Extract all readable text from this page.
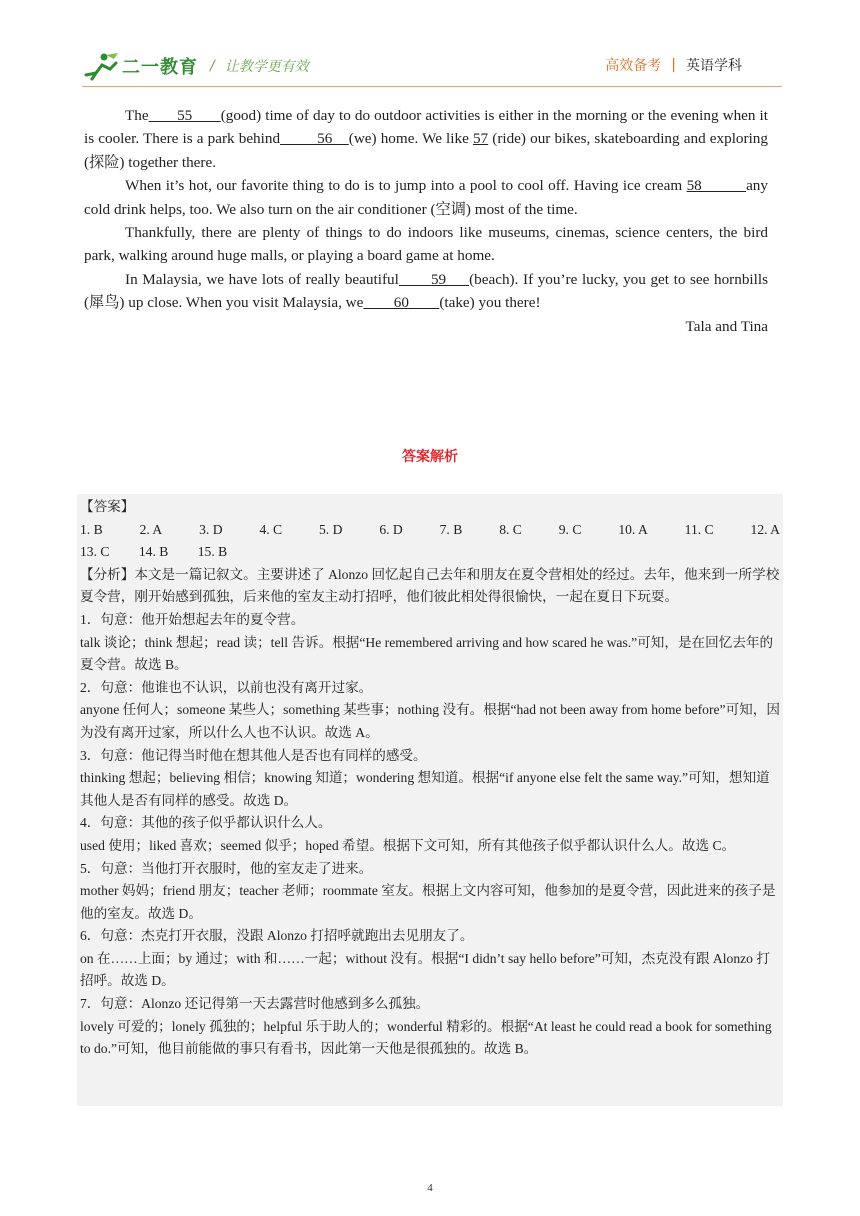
二一教育 / 让教学更有效	高效备考 | 英语学科

The       55       (good) time of day to do outdoor activities is either in the morning or the evening when it is cooler. There is a park behind         56    (we) home. We like 57 (ride) our bikes, skateboarding and exploring (探险) together there.

When it’s hot, our favorite thing to do is to jump into a pool to cool off. Having ice cream 58          any cold drink helps, too. We also turn on the air conditioner (空调) most of the time.

Thankfully, there are plenty of things to do indoors like museums, cinemas, science centers, the bird park, walking around huge malls, or playing a board game at home.

In Malaysia, we have lots of really beautiful       59     (beach). If you’re lucky, you get to see hornbills (犀鸟) up close. When you visit Malaysia, we        60        (take) you there!

Tala and Tina
答案解析
【答案】
1. B	2. A	3. D	4. C	5. D	6. D	7. B	8. C	9. C	10. A	11. C	12. A
13. C 14. B 15. B
【分析】本文是一篇记叙文。主要讲述了 Alonzo 回忆起自己去年和朋友在夏令营相处的经过。去年，他来到一所学校夏令营，刚开始感到孤独，后来他的室友主动打招呼，他们彼此相处得很愉快，一起在夏日下玩耍。
1．句意：他开始想起去年的夏令营。
talk 谈论；think 想起；read 读；tell 告诉。根据“He remembered arriving and how scared he was.”可知，是在回忆去年的夏令营。故选 B。
2．句意：他谁也不认识，以前也没有离开过家。
anyone 任何人；someone 某些人；something 某些事；nothing 没有。根据“had not been away from home before”可知，因为没有离开过家，所以什么人也不认识。故选 A。
3．句意：他记得当时他在想其他人是否也有同样的感受。
thinking 想起；believing 相信；knowing 知道；wondering 想知道。根据“if anyone else felt the same way.”可知，想知道其他人是否有同样的感受。故选 D。
4．句意：其他的孩子似乎都认识什么人。
used 使用；liked 喜欢；seemed 似乎；hoped 希望。根据下文可知，所有其他孩子似乎都认识什么人。故选 C。
5．句意：当他打开衣服时，他的室友走了进来。
mother 妈妈；friend 朋友；teacher 老师；roommate 室友。根据上文内容可知，他参加的是夏令营，因此进来的孩子是他的室友。故选 D。
6．句意：杰克打开衣服，没跟 Alonzo 打招呼就跑出去见朋友了。
on 在……上面；by 通过；with 和……一起；without 没有。根据“I didn’t say hello before”可知，杰克没有跟 Alonzo 打招呼。故选 D。
7．句意：Alonzo 还记得第一天去露营时他感到多么孤独。
lovely 可爱的；lonely 孤独的；helpful 乐于助人的；wonderful 精彩的。根据“At least he could read a book for something to do.”可知，他目前能做的事只有看书，因此第一天他是很孤独的。故选 B。
4
